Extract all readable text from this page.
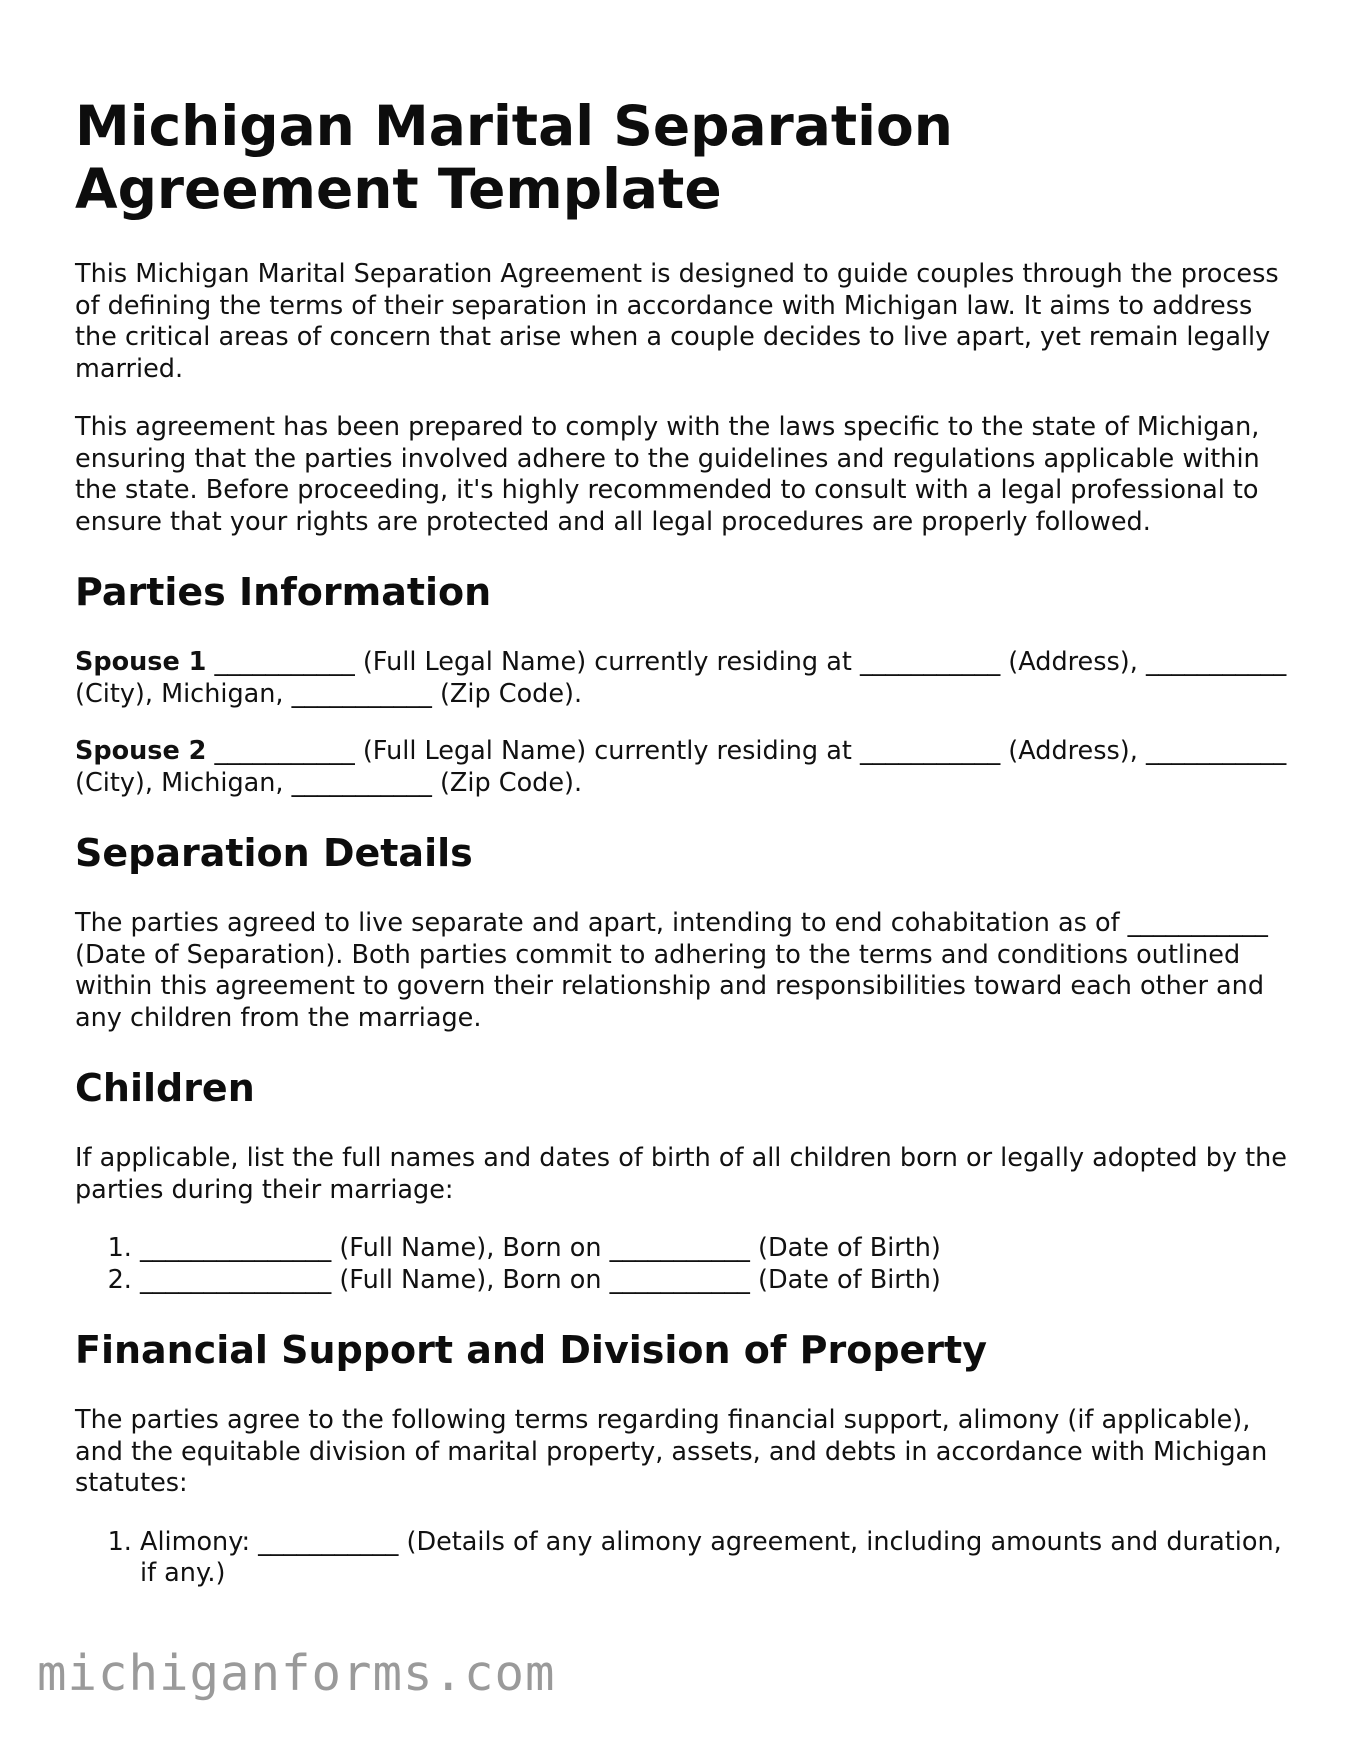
Michigan Marital Separation Agreement Template

This Michigan Marital Separation Agreement is designed to guide couples through the process of defining the terms of their separation in accordance with Michigan law. It aims to address the critical areas of concern that arise when a couple decides to live apart, yet remain legally married.

This agreement has been prepared to comply with the laws specific to the state of Michigan, ensuring that the parties involved adhere to the guidelines and regulations applicable within the state. Before proceeding, it's highly recommended to consult with a legal professional to ensure that your rights are protected and all legal procedures are properly followed.

Parties Information

Spouse 1 ___________ (Full Legal Name) currently residing at ___________ (Address), ___________ (City), Michigan, ___________ (Zip Code).

Spouse 2 ___________ (Full Legal Name) currently residing at ___________ (Address), ___________ (City), Michigan, ___________ (Zip Code).

Separation Details

The parties agreed to live separate and apart, intending to end cohabitation as of ___________ (Date of Separation). Both parties commit to adhering to the terms and conditions outlined within this agreement to govern their relationship and responsibilities toward each other and any children from the marriage.

Children

If applicable, list the full names and dates of birth of all children born or legally adopted by the parties during their marriage:

1. _______________ (Full Name), Born on ___________ (Date of Birth)
2. _______________ (Full Name), Born on ___________ (Date of Birth)
Financial Support and Division of Property

The parties agree to the following terms regarding financial support, alimony (if applicable), and the equitable division of marital property, assets, and debts in accordance with Michigan statutes:

1. Alimony: ___________ (Details of any alimony agreement, including amounts and duration, if any.)
michiganforms.com
